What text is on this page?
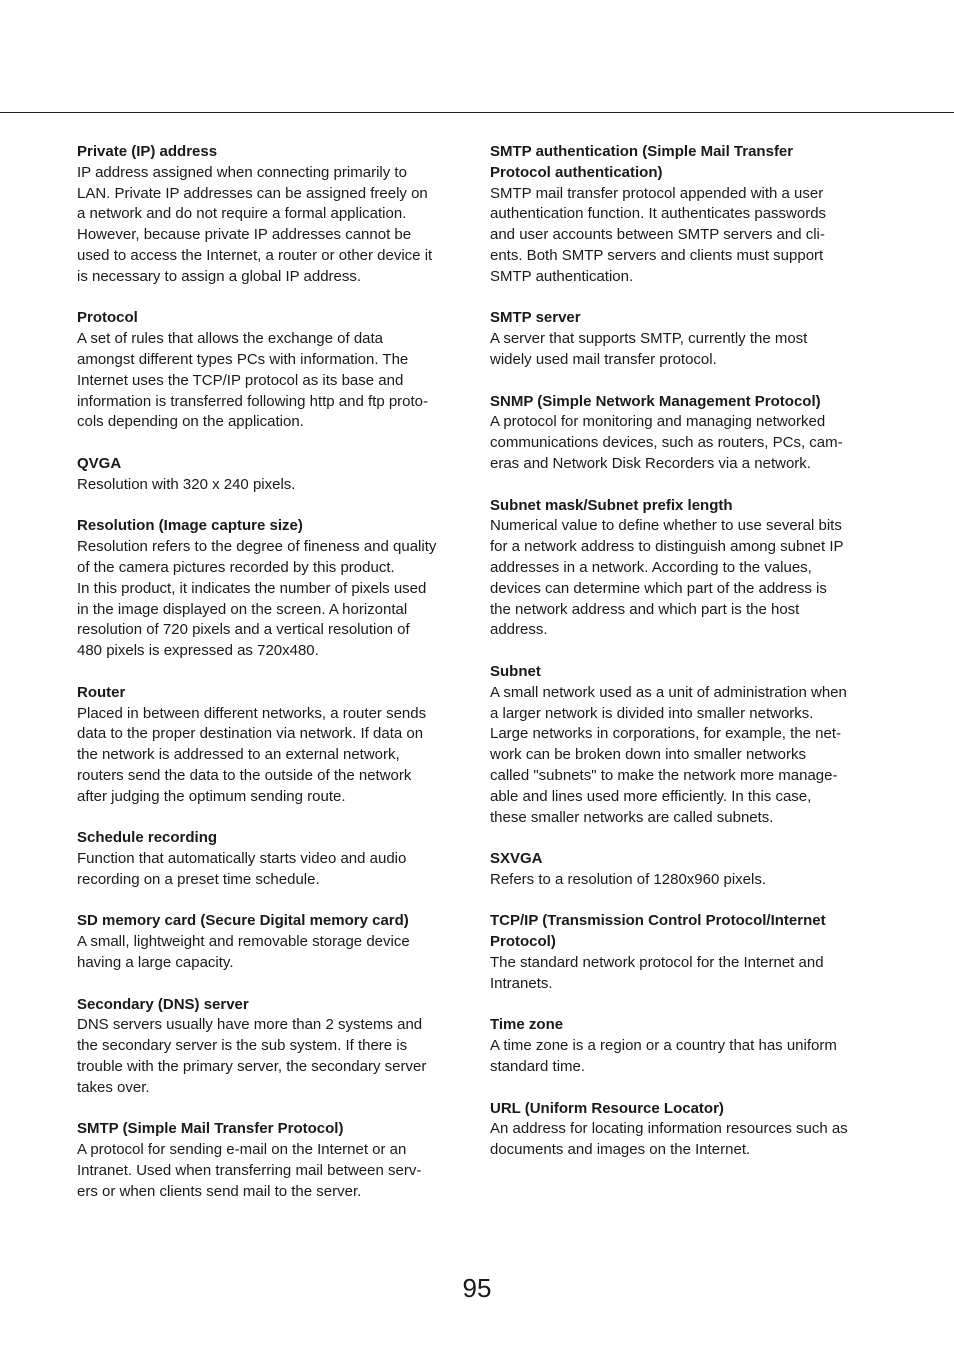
Private (IP) address

IP address assigned when connecting primarily to
LAN. Private IP addresses can be assigned freely on
a network and do not require a formal application.
However, because private IP addresses cannot be
used to access the Internet, a router or other device it
is necessary to assign a global IP address.

Protocol

A set of rules that allows the exchange of data
amongst different types PCs with information. The
Internet uses the TCP/IP protocol as its base and
information is transferred following http and ftp proto-
cols depending on the application.

QVGA

Resolution with 320 x 240 pixels.

Resolution (Image capture size)

Resolution refers to the degree of fineness and quality
of the camera pictures recorded by this product.
In this product, it indicates the number of pixels used
in the image displayed on the screen. A horizontal
resolution of 720 pixels and a vertical resolution of
480 pixels is expressed as 720x480.

Router

Placed in between different networks, a router sends
data to the proper destination via network. If data on
the network is addressed to an external network,
routers send the data to the outside of the network
after judging the optimum sending route.

Schedule recording

Function that automatically starts video and audio
recording on a preset time schedule.

SD memory card (Secure Digital memory card)

A small, lightweight and removable storage device
having a large capacity.

Secondary (DNS) server

DNS servers usually have more than 2 systems and
the secondary server is the sub system. If there is
trouble with the primary server, the secondary server
takes over.

SMTP (Simple Mail Transfer Protocol)

A protocol for sending e-mail on the Internet or an
Intranet. Used when transferring mail between serv-
ers or when clients send mail to the server.

SMTP authentication (Simple Mail Transfer
Protocol authentication)

SMTP mail transfer protocol appended with a user
authentication function. It authenticates passwords
and user accounts between SMTP servers and cli-
ents. Both SMTP servers and clients must support
SMTP authentication.

SMTP server

A server that supports SMTP, currently the most
widely used mail transfer protocol.

SNMP (Simple Network Management Protocol)

A protocol for monitoring and managing networked
communications devices, such as routers, PCs, cam-
eras and Network Disk Recorders via a network.

Subnet mask/Subnet prefix length

Numerical value to define whether to use several bits
for a network address to distinguish among subnet IP
addresses in a network. According to the values,
devices can determine which part of the address is
the network address and which part is the host
address.

Subnet

A small network used as a unit of administration when
a larger network is divided into smaller networks.
Large networks in corporations, for example, the net-
work can be broken down into smaller networks
called "subnets" to make the network more manage-
able and lines used more efficiently. In this case,
these smaller networks are called subnets.

SXVGA

Refers to a resolution of 1280x960 pixels.

TCP/IP (Transmission Control Protocol/Internet
Protocol)

The standard network protocol for the Internet and
Intranets.

Time zone

A time zone is a region or a country that has uniform
standard time.

URL (Uniform Resource Locator)

An address for locating information resources such as
documents and images on the Internet.

95
